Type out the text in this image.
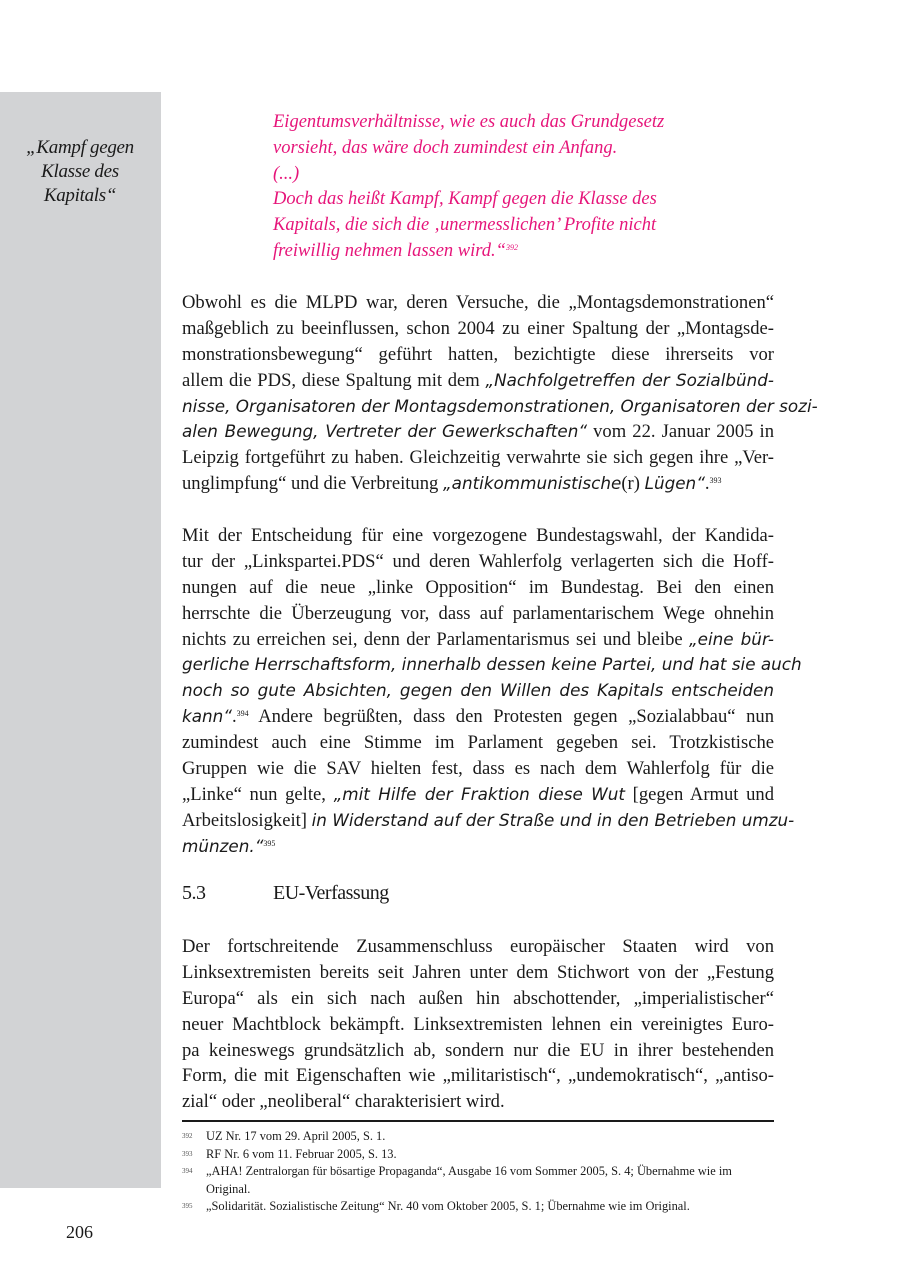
„Kampf gegen
Klasse des
Kapitals“
Eigentumsverhältnisse, wie es auch das Grundgesetz
vorsieht, das wäre doch zumindest ein Anfang.
(...)
Doch das heißt Kampf, Kampf gegen die Klasse des
Kapitals, die sich die ‚unermesslichen’ Profite nicht
freiwillig nehmen lassen wird.“$^{392}$
Obwohl es die MLPD war, deren Versuche, die „Montagsdemonstrationen“
maßgeblich zu beeinflussen, schon 2004 zu einer Spaltung der „Montagsde-
monstrationsbewegung“ geführt hatten, bezichtigte diese ihrerseits vor
allem die PDS, diese Spaltung mit dem „Nachfolgetreffen der Sozialbünd-
nisse, Organisatoren der Montagsdemonstrationen, Organisatoren der sozi-
alen Bewegung, Vertreter der Gewerkschaften“ vom 22. Januar 2005 in
Leipzig fortgeführt zu haben. Gleichzeitig verwahrte sie sich gegen ihre „Ver-
unglimpfung“ und die Verbreitung „antikommunistische(r) Lügen“.$^{393}$
Mit der Entscheidung für eine vorgezogene Bundestagswahl, der Kandida-
tur der „Linkspartei.PDS“ und deren Wahlerfolg verlagerten sich die Hoff-
nungen auf die neue „linke Opposition“ im Bundestag. Bei den einen
herrschte die Überzeugung vor, dass auf parlamentarischem Wege ohnehin
nichts zu erreichen sei, denn der Parlamentarismus sei und bleibe „eine bür-
gerliche Herrschaftsform, innerhalb dessen keine Partei, und hat sie auch
noch so gute Absichten, gegen den Willen des Kapitals entscheiden
kann“.$^{394}$ Andere begrüßten, dass den Protesten gegen „Sozialabbau“ nun
zumindest auch eine Stimme im Parlament gegeben sei. Trotzkistische
Gruppen wie die SAV hielten fest, dass es nach dem Wahlerfolg für die
„Linke“ nun gelte, „mit Hilfe der Fraktion diese Wut [gegen Armut und
Arbeitslosigkeit] in Widerstand auf der Straße und in den Betrieben umzu-
münzen.“$^{395}$
5.3	EU-Verfassung
Der fortschreitende Zusammenschluss europäischer Staaten wird von
Linksextremisten bereits seit Jahren unter dem Stichwort von der „Festung
Europa“ als ein sich nach außen hin abschottender, „imperialistischer“
neuer Machtblock bekämpft. Linksextremisten lehnen ein vereinigtes Euro-
pa keineswegs grundsätzlich ab, sondern nur die EU in ihrer bestehenden
Form, die mit Eigenschaften wie „militaristisch“, „undemokratisch“, „antiso-
zial“ oder „neoliberal“ charakterisiert wird.
392	UZ Nr. 17 vom 29. April 2005, S. 1.
393	RF Nr. 6 vom 11. Februar 2005, S. 13.
394	„AHA! Zentralorgan für bösartige Propaganda“, Ausgabe 16 vom Sommer 2005, S. 4; Übernahme wie im Original.
395	„Solidarität. Sozialistische Zeitung“ Nr. 40 vom Oktober 2005, S. 1; Übernahme wie im Original.
206
